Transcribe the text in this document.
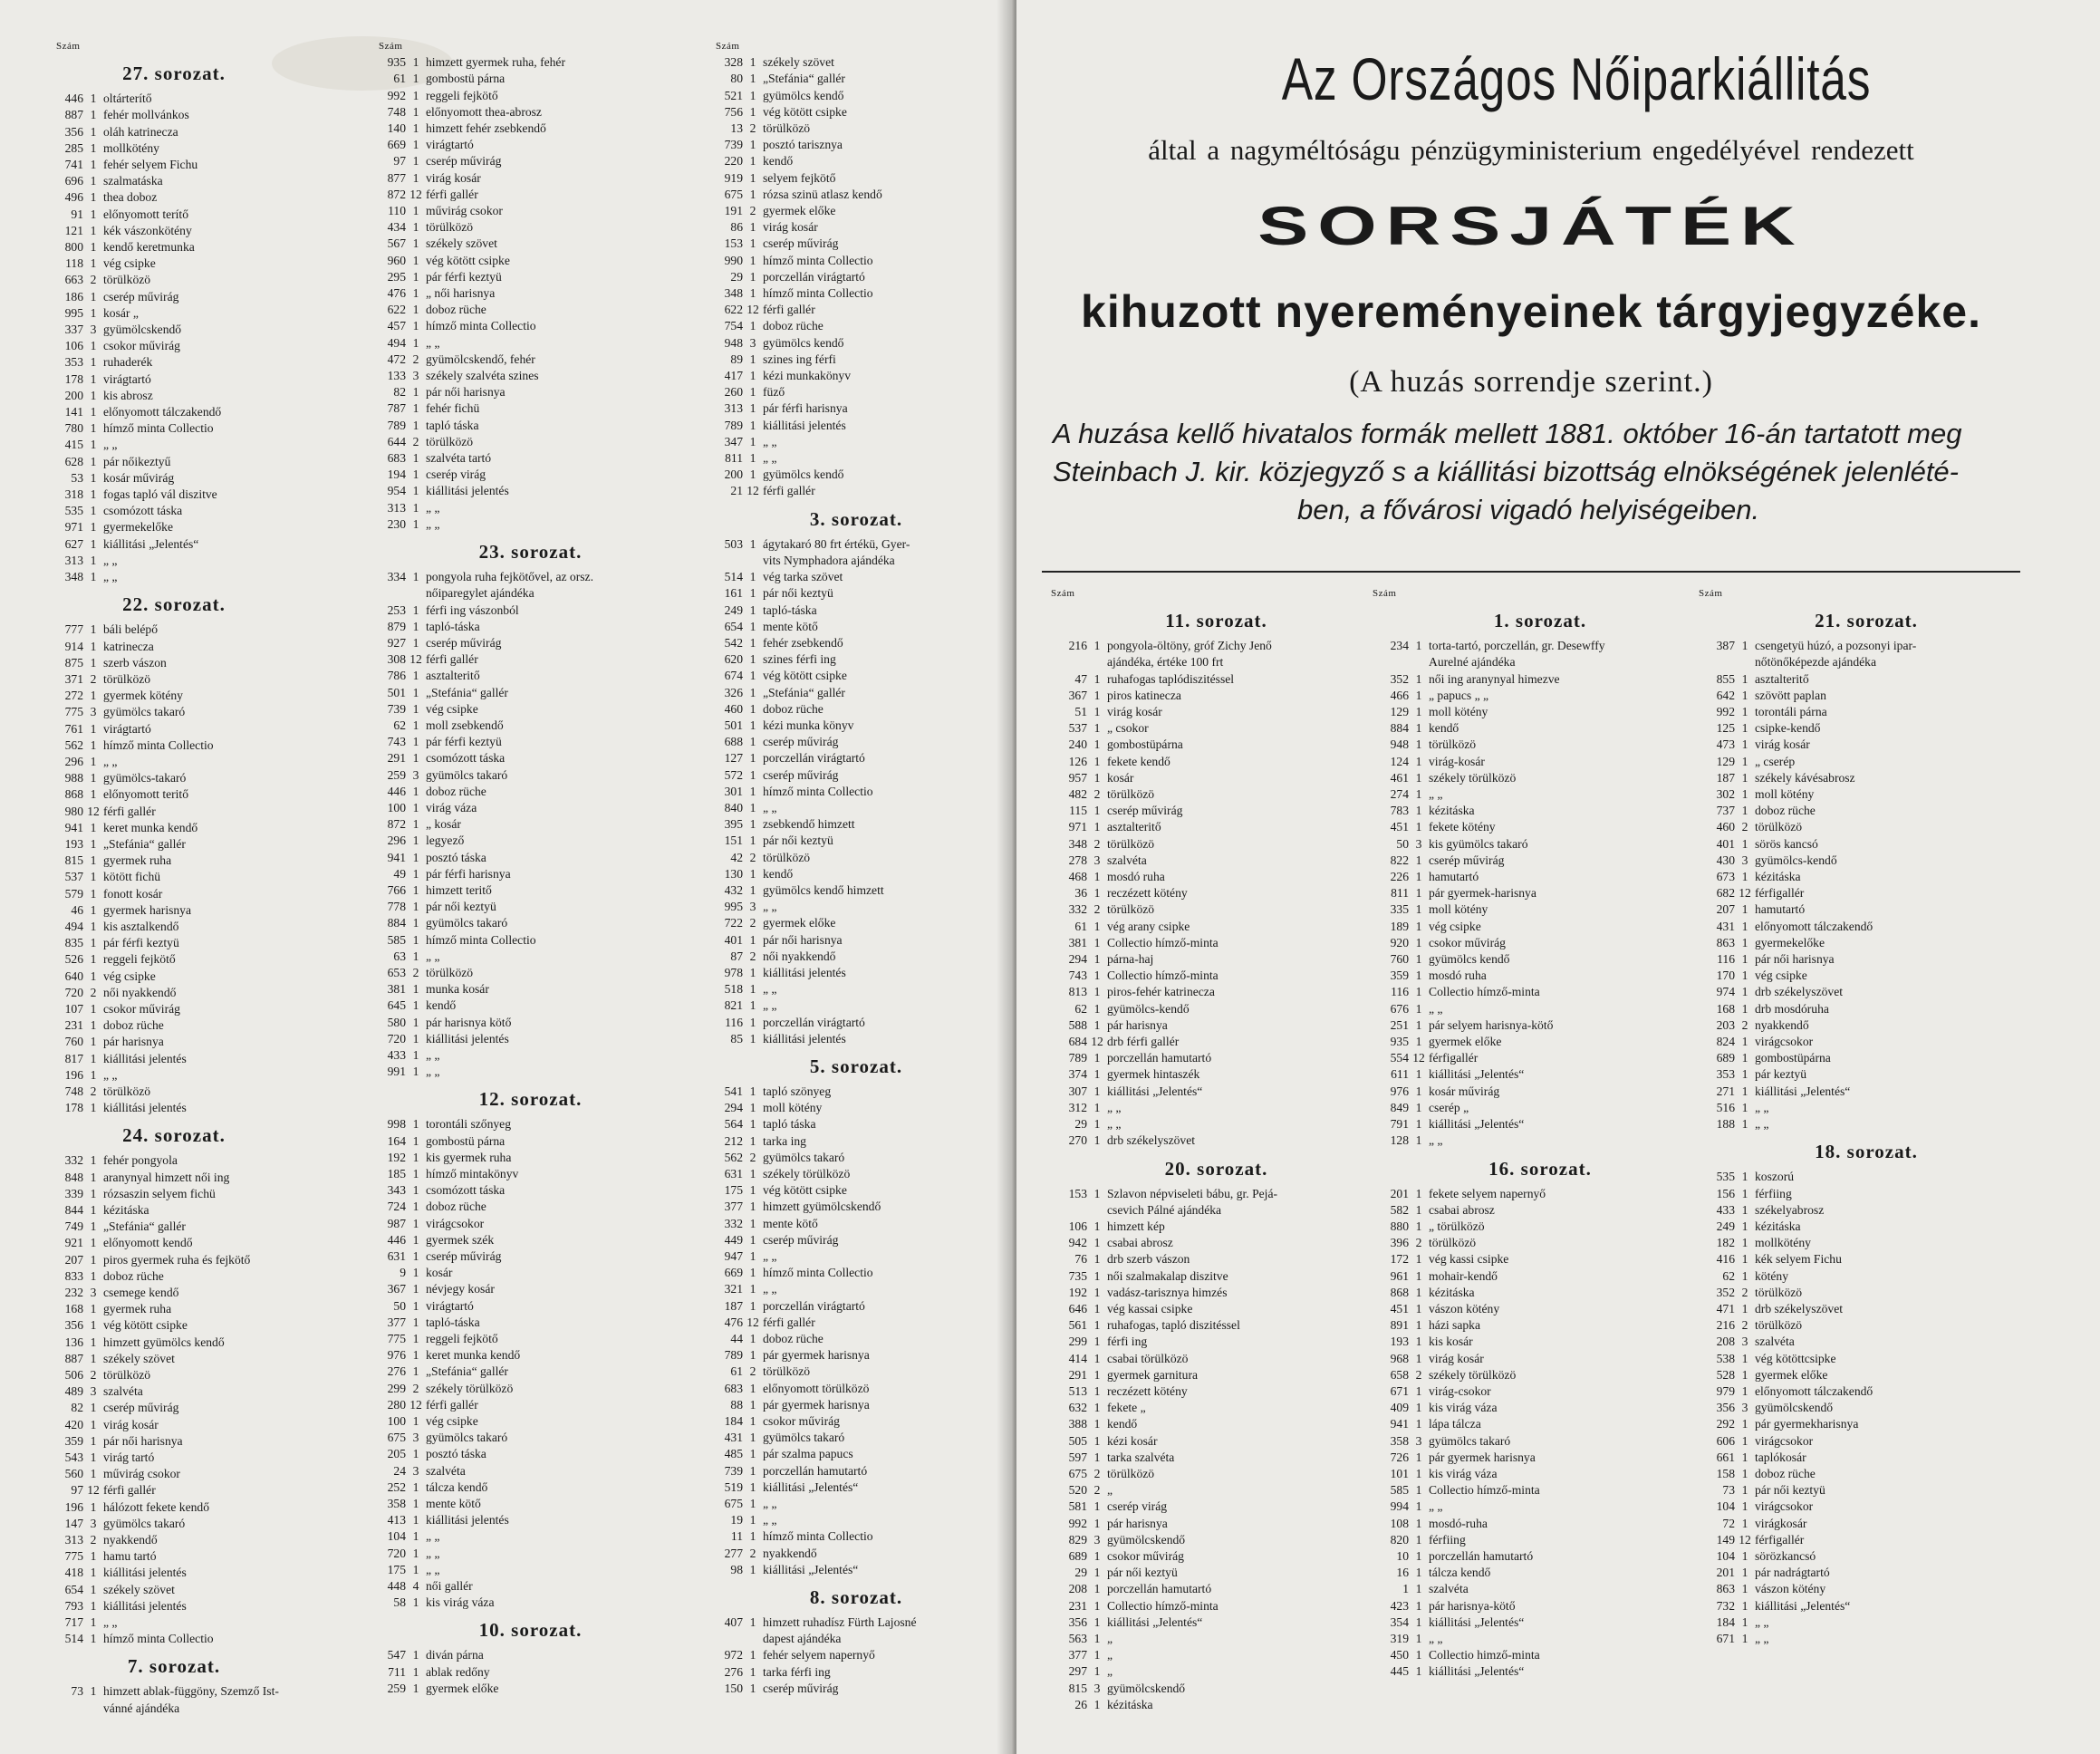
Szám
27. sorozat.
446 1 oltárterítő
887 1 fehér mollvánkos
356 1 oláh katrinecza
285 1 mollkötény
741 1 fehér selyem Fichu
696 1 szalmatáska
496 1 thea doboz
91 1 előnyomott terítő
121 1 kék vászonkötény
800 1 kendő keretmunka
118 1 vég csipke
663 2 törülközö
186 1 cserép művirág
995 1 kosár „
337 3 gyümölcskendő
106 1 csokor művirág
353 1 ruhaderék
178 1 virágtartó
200 1 kis abrosz
141 1 előnyomott tálczakendő
780 1 hímző minta Collectio
415 1 „ „
628 1 pár nőikeztyű
53 1 kosár művirág
318 1 fogas tapló vál diszitve
535 1 csomózott táska
971 1 gyermekelőke
627 1 kiállitási „Jelentés“
313 1 „ „
348 1 „ „
22. sorozat.
777 1 báli belépő
914 1 katrinecza
875 1 szerb vászon
371 2 törülközö
272 1 gyermek kötény
775 3 gyümölcs takaró
761 1 virágtartó
562 1 hímző minta Collectio
296 1 „ „
988 1 gyümölcs-takaró
868 1 előnyomott teritő
980 12 férfi gallér
941 1 keret munka kendő
193 1 „Stefánia“ gallér
815 1 gyermek ruha
537 1 kötött fichü
579 1 fonott kosár
46 1 gyermek harisnya
494 1 kis asztalkendő
835 1 pár férfi keztyü
526 1 reggeli fejkötő
640 1 vég csipke
720 2 női nyakkendő
107 1 csokor művirág
231 1 doboz rüche
760 1 pár harisnya
817 1 kiállitási jelentés
196 1 „ „
748 2 törülközö
178 1 kiállitási jelentés
24. sorozat.
332 1 fehér pongyola
848 1 aranynyal himzett női ing
339 1 rózsaszin selyem fichü
844 1 kézitáska
749 1 „Stefánia“ gallér
921 1 előnyomott kendő
207 1 piros gyermek ruha és fejkötő
833 1 doboz rüche
232 3 csemege kendő
168 1 gyermek ruha
356 1 vég kötött csipke
136 1 himzett gyümölcs kendő
887 1 székely szövet
506 2 törülközö
489 3 szalvéta
82 1 cserép művirág
420 1 virág kosár
359 1 pár női harisnya
543 1 virág tartó
560 1 művirág csokor
97 12 férfi gallér
196 1 hálózott fekete kendő
147 3 gyümölcs takaró
313 2 nyakkendő
775 1 hamu tartó
418 1 kiállitási jelentés
654 1 székely szövet
793 1 kiállitási jelentés
717 1 „ „
514 1 hímző minta Collectio
7. sorozat.
73 1 himzett ablak-függöny, Szemző Ist-
vánné ajándéka
Szám
935 1 himzett gyermek ruha, fehér
61 1 gombostü párna
992 1 reggeli fejkötő
748 1 előnyomott thea-abrosz
140 1 himzett fehér zsebkendő
669 1 virágtartó
97 1 cserép művirág
877 1 virág kosár
872 12 férfi gallér
110 1 művirág csokor
434 1 törülközö
567 1 székely szövet
960 1 vég kötött csipke
295 1 pár férfi keztyü
476 1 „ női harisnya
622 1 doboz rüche
457 1 hímző minta Collectio
494 1 „ „
472 2 gyümölcskendő, fehér
133 3 székely szalvéta szines
82 1 pár női harisnya
787 1 fehér fichü
789 1 tapló táska
644 2 törülközö
683 1 szalvéta tartó
194 1 cserép virág
954 1 kiállitási jelentés
313 1 „ „
230 1 „ „
23. sorozat.
334 1 pongyola ruha fejkötővel, az orsz.
nőiparegylet ajándéka
253 1 férfi ing vászonból
879 1 tapló-táska
927 1 cserép művirág
308 12 férfi gallér
786 1 asztalteritő
501 1 „Stefánia“ gallér
739 1 vég csipke
62 1 moll zsebkendő
743 1 pár férfi keztyü
291 1 csomózott táska
259 3 gyümölcs takaró
446 1 doboz rüche
100 1 virág váza
872 1 „ kosár
296 1 legyező
941 1 posztó táska
49 1 pár férfi harisnya
766 1 himzett teritő
778 1 pár női keztyü
884 1 gyümölcs takaró
585 1 hímző minta Collectio
63 1 „ „
653 2 törülközö
381 1 munka kosár
645 1 kendő
580 1 pár harisnya kötő
720 1 kiállitási jelentés
433 1 „ „
991 1 „ „
12. sorozat.
998 1 torontáli szőnyeg
164 1 gombostü párna
192 1 kis gyermek ruha
185 1 hímző mintakönyv
343 1 csomózott táska
724 1 doboz rüche
987 1 virágcsokor
446 1 gyermek szék
631 1 cserép művirág
9 1 kosár
367 1 névjegy kosár
50 1 virágtartó
377 1 tapló-táska
775 1 reggeli fejkötő
976 1 keret munka kendő
276 1 „Stefánia“ gallér
299 2 székely törülközö
280 12 férfi gallér
100 1 vég csipke
675 3 gyümölcs takaró
205 1 posztó táska
24 3 szalvéta
252 1 tálcza kendő
358 1 mente kötő
413 1 kiállitási jelentés
104 1 „ „
720 1 „ „
175 1 „ „
448 4 női gallér
58 1 kis virág váza
10. sorozat.
547 1 diván párna
711 1 ablak redőny
259 1 gyermek előke
Szám
328 1 székely szövet
80 1 „Stefánia“ gallér
521 1 gyümölcs kendő
756 1 vég kötött csipke
13 2 törülközö
739 1 posztó tarisznya
220 1 kendő
919 1 selyem fejkötő
675 1 rózsa szinü atlasz kendő
191 2 gyermek előke
86 1 virág kosár
153 1 cserép művirág
990 1 hímző minta Collectio
29 1 porczellán virágtartó
348 1 hímző minta Collectio
622 12 férfi gallér
754 1 doboz rüche
948 3 gyümölcs kendő
89 1 szines ing férfi
417 1 kézi munkakönyv
260 1 füző
313 1 pár férfi harisnya
789 1 kiállitási jelentés
347 1 „ „
811 1 „ „
200 1 gyümölcs kendő
21 12 férfi gallér
3. sorozat.
503 1 ágytakaró 80 frt értékü, Gyer-
vits Nymphadora ajándéka
514 1 vég tarka szövet
161 1 pár női keztyü
249 1 tapló-táska
654 1 mente kötő
542 1 fehér zsebkendő
620 1 szines férfi ing
674 1 vég kötött csipke
326 1 „Stefánia“ gallér
460 1 doboz rüche
501 1 kézi munka könyv
688 1 cserép művirág
127 1 porczellán virágtartó
572 1 cserép művirág
301 1 hímző minta Collectio
840 1 „ „
395 1 zsebkendő himzett
151 1 pár női keztyü
42 2 törülközö
130 1 kendő
432 1 gyümölcs kendő himzett
995 3 „ „
722 2 gyermek előke
401 1 pár női harisnya
87 2 női nyakkendő
978 1 kiállitási jelentés
518 1 „ „
821 1 „ „
116 1 porczellán virágtartó
85 1 kiállitási jelentés
5. sorozat.
541 1 tapló szönyeg
294 1 moll kötény
564 1 tapló táska
212 1 tarka ing
562 2 gyümölcs takaró
631 1 székely törülközö
175 1 vég kötött csipke
377 1 himzett gyümölcskendő
332 1 mente kötő
449 1 cserép művirág
947 1 „ „
669 1 hímző minta Collectio
321 1 „ „
187 1 porczellán virágtartó
476 12 férfi gallér
44 1 doboz rüche
789 1 pár gyermek harisnya
61 2 törülközö
683 1 előnyomott törülközö
88 1 pár gyermek harisnya
184 1 csokor művirág
431 1 gyümölcs takaró
485 1 pár szalma papucs
739 1 porczellán hamutartó
519 1 kiállitási „Jelentés“
675 1 „ „
19 1 „ „
11 1 hímző minta Collectio
277 2 nyakkendő
98 1 kiállitási „Jelentés“
8. sorozat.
407 1 himzett ruhadísz Fürth Lajosné
dapest ajándéka
972 1 fehér selyem napernyő
276 1 tarka férfi ing
150 1 cserép művirág
Az Országos Nőiparkiállitás
által a nagyméltóságu pénzügyministerium engedélyével rendezett
SORSJÁTÉK
kihuzott nyereményeinek tárgyjegyzéke.
(A huzás sorrendje szerint.)
A huzása kellő hivatalos formák mellett 1881. október 16-án tartatott meg
Steinbach J. kir. közjegyző s a kiállitási bizottság elnökségének jelenlété-
ben, a fővárosi vigadó helyiségeiben.
Szám
11. sorozat.
216 1 pongyola-öltöny, gróf Zichy Jenő
ajándéka, értéke 100 frt
47 1 ruhafogas taplódiszitéssel
367 1 piros katinecza
51 1 virág kosár
537 1 „ csokor
240 1 gombostüpárna
126 1 fekete kendő
957 1 kosár
482 2 törülközö
115 1 cserép művirág
971 1 asztalteritő
348 2 törülközö
278 3 szalvéta
468 1 mosdó ruha
36 1 reczézett kötény
332 2 törülközö
61 1 vég arany csipke
381 1 Collectio hímző-minta
294 1 párna-haj
743 1 Collectio hímző-minta
813 1 piros-fehér katrinecza
62 1 gyümölcs-kendő
588 1 pár harisnya
684 12 drb férfi gallér
789 1 porczellán hamutartó
374 1 gyermek hintaszék
307 1 kiállitási „Jelentés“
312 1 „ „
29 1 „ „
270 1 drb székelyszövet
20. sorozat.
153 1 Szlavon népviseleti bábu, gr. Pejá-
csevich Pálné ajándéka
106 1 himzett kép
942 1 csabai abrosz
76 1 drb szerb vászon
735 1 női szalmakalap diszitve
192 1 vadász-tarisznya himzés
646 1 vég kassai csipke
561 1 ruhafogas, tapló diszitéssel
299 1 férfi ing
414 1 csabai törülközö
291 1 gyermek garnitura
513 1 reczézett kötény
632 1 fekete „
388 1 kendő
505 1 kézi kosár
597 1 tarka szalvéta
675 2 törülközö
520 2 „
581 1 cserép virág
992 1 pár harisnya
829 3 gyümölcskendő
689 1 csokor művirág
29 1 pár női keztyü
208 1 porczellán hamutartó
231 1 Collectio hímző-minta
356 1 kiállitási „Jelentés“
563 1 „
377 1 „
297 1 „
815 3 gyümölcskendő
26 1 kézitáska
Szám
1. sorozat.
234 1 torta-tartó, porczellán, gr. Desewffy
Aurelné ajándéka
352 1 női ing aranynyal himezve
466 1 „ papucs „ „
129 1 moll kötény
884 1 kendő
948 1 törülközö
124 1 virág-kosár
461 1 székely törülközö
274 1 „ „
783 1 kézitáska
451 1 fekete kötény
50 3 kis gyümölcs takaró
822 1 cserép művirág
226 1 hamutartó
811 1 pár gyermek-harisnya
335 1 moll kötény
189 1 vég csipke
920 1 csokor művirág
760 1 gyümölcs kendő
359 1 mosdó ruha
116 1 Collectio hímző-minta
676 1 „ „
251 1 pár selyem harisnya-kötő
935 1 gyermek előke
554 12 férfigallér
611 1 kiállitási „Jelentés“
976 1 kosár művirág
849 1 cserép „
791 1 kiállitási „Jelentés“
128 1 „ „
16. sorozat.
201 1 fekete selyem napernyő
582 1 csabai abrosz
880 1 „ törülközö
396 2 törülközö
172 1 vég kassi csipke
961 1 mohair-kendő
868 1 kézitáska
451 1 vászon kötény
891 1 házi sapka
193 1 kis kosár
968 1 virág kosár
658 2 székely törülközö
671 1 virág-csokor
409 1 kis virág váza
941 1 lápa tálcza
358 3 gyümölcs takaró
726 1 pár gyermek harisnya
101 1 kis virág váza
585 1 Collectio hímző-minta
994 1 „ „
108 1 mosdó-ruha
820 1 férfiing
10 1 porczellán hamutartó
16 1 tálcza kendő
1 1 szalvéta
423 1 pár harisnya-kötő
354 1 kiállitási „Jelentés“
319 1 „ „
450 1 Collectio himző-minta
445 1 kiállitási „Jelentés“
Szám
21. sorozat.
387 1 csengetyü húzó, a pozsonyi ipar-
nőtönőképezde ajándéka
855 1 asztalteritő
642 1 szövött paplan
992 1 torontáli párna
125 1 csipke-kendő
473 1 virág kosár
129 1 „ cserép
187 1 székely kávésabrosz
302 1 moll kötény
737 1 doboz rüche
460 2 törülközö
401 1 sörös kancsó
430 3 gyümölcs-kendő
673 1 kézitáska
682 12 férfigallér
207 1 hamutartó
431 1 előnyomott tálczakendő
863 1 gyermekelőke
116 1 pár női harisnya
170 1 vég csipke
974 1 drb székelyszövet
168 1 drb mosdóruha
203 2 nyakkendő
824 1 virágcsokor
689 1 gombostüpárna
353 1 pár keztyü
271 1 kiállitási „Jelentés“
516 1 „ „
188 1 „ „
18. sorozat.
535 1 koszorú
156 1 férfiing
433 1 székelyabrosz
249 1 kézitáska
182 1 mollkötény
416 1 kék selyem Fichu
62 1 kötény
352 2 törülközö
471 1 drb székelyszövet
216 2 törülközö
208 3 szalvéta
538 1 vég kötöttcsipke
528 1 gyermek előke
979 1 előnyomott tálczakendő
356 3 gyümölcskendő
292 1 pár gyermekharisnya
606 1 virágcsokor
661 1 taplókosár
158 1 doboz rüche
73 1 pár női keztyü
104 1 virágcsokor
72 1 virágkosár
149 12 férfigallér
104 1 sörözkancsó
201 1 pár nadrágtartó
863 1 vászon kötény
732 1 kiállitási „Jelentés“
184 1 „ „
671 1 „ „
